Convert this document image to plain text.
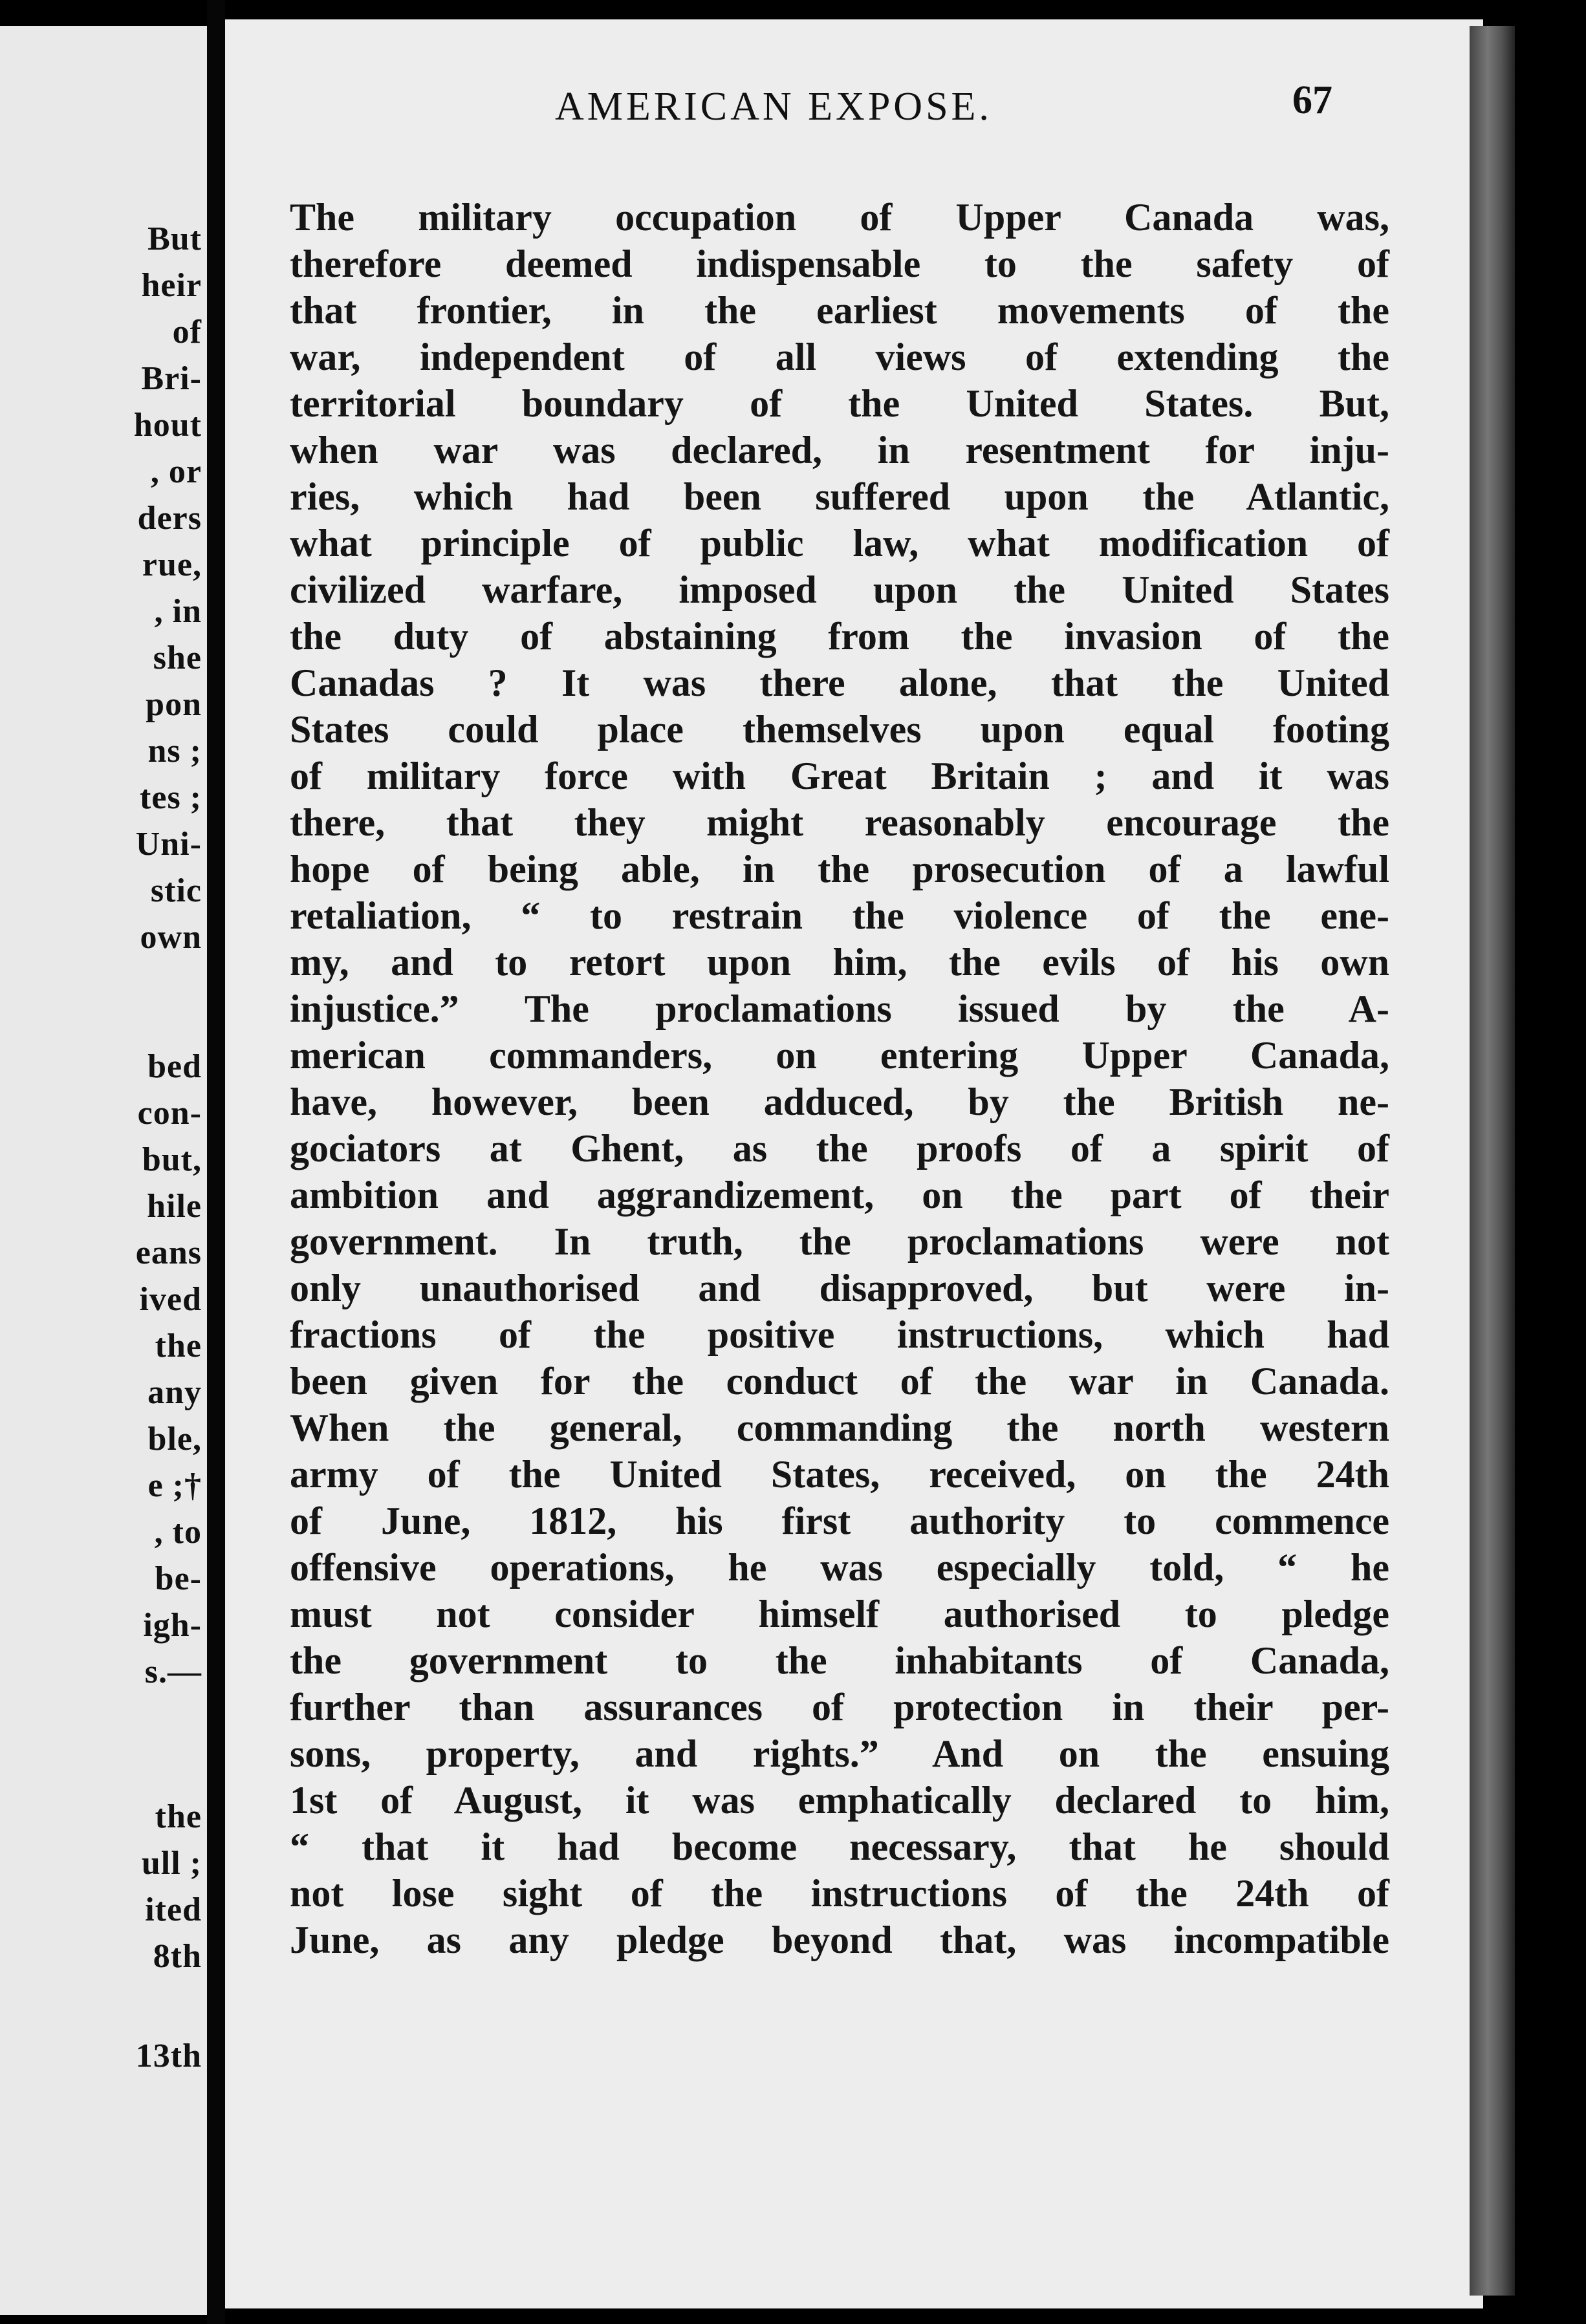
But
heir
of
Bri-
hout
, or
ders
rue,
, in
she
pon
ns ;
tes ;
Uni-
stic
own
bed
con-
but,
hile
eans
ived
the
any
ble,
e ;†
, to
be-
igh-
s.—
the
ull ;
ited
8th
13th
AMERICAN EXPOSE.	67
The military occupation of Upper Canada was,
therefore deemed indispensable to the safety of
that frontier, in the earliest movements of the
war, independent of all views of extending the
territorial boundary of the United States. But,
when war was declared, in resentment for inju-
ries, which had been suffered upon the Atlantic,
what principle of public law, what modification of
civilized warfare, imposed upon the United States
the duty of abstaining from the invasion of the
Canadas ? It was there alone, that the United
States could place themselves upon equal footing
of military force with Great Britain ; and it was
there, that they might reasonably encourage the
hope of being able, in the prosecution of a lawful
retaliation, “ to restrain the violence of the ene-
my, and to retort upon him, the evils of his own
injustice.” The proclamations issued by the A-
merican commanders, on entering Upper Canada,
have, however, been adduced, by the British ne-
gociators at Ghent, as the proofs of a spirit of
ambition and aggrandizement, on the part of their
government. In truth, the proclamations were not
only unauthorised and disapproved, but were in-
fractions of the positive instructions, which had
been given for the conduct of the war in Canada.
When the general, commanding the north western
army of the United States, received, on the 24th
of June, 1812, his first authority to commence
offensive operations, he was especially told, “ he
must not consider himself authorised to pledge
the government to the inhabitants of Canada,
further than assurances of protection in their per-
sons, property, and rights.” And on the ensuing
1st of August, it was emphatically declared to him,
“ that it had become necessary, that he should
not lose sight of the instructions of the 24th of
June, as any pledge beyond that, was incompatible
